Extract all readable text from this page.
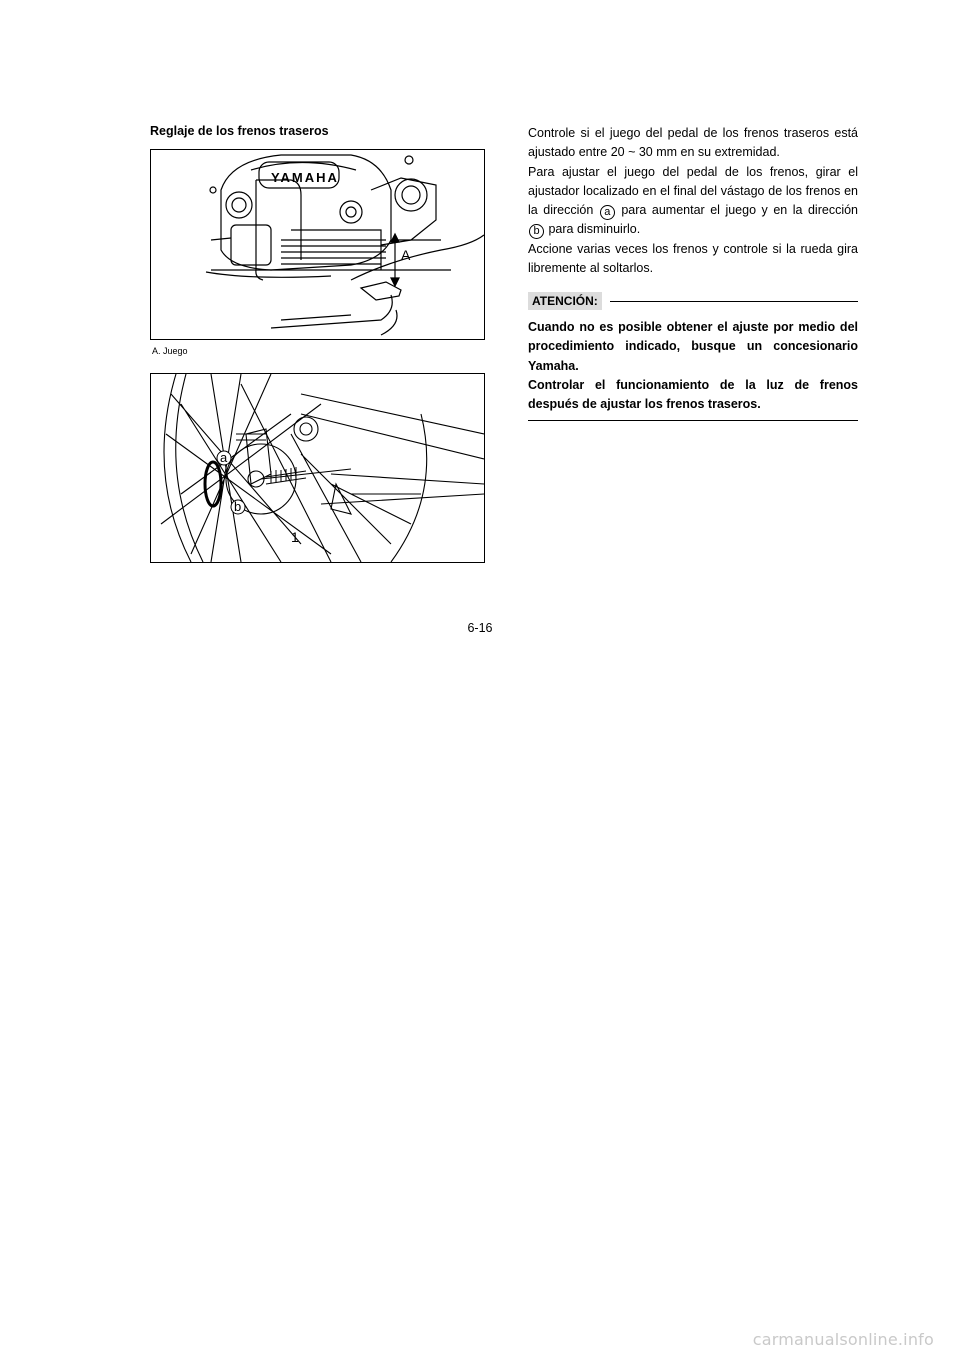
Reglaje de los frenos traseros
A
YAMAHA
A. Juego
a
b
1

Controle si el juego del pedal de los frenos traseros está ajustado entre 20 ~ 30 mm en su extremidad.

Para ajustar el juego del pedal de los frenos, girar el ajustador localizado en el final del vástago de los frenos en la dirección a para aumentar el juego y en la dirección b para disminuirlo.

Accione varias veces los frenos y controle si la rueda gira libremente al soltarlos.

ATENCIÓN:

Cuando no es posible obtener el ajuste por medio del procedimiento indicado, busque un concesionario Yamaha.

Controlar el funcionamiento de la luz de frenos después de ajustar los frenos traseros.

6-16
carmanualsonline.info
